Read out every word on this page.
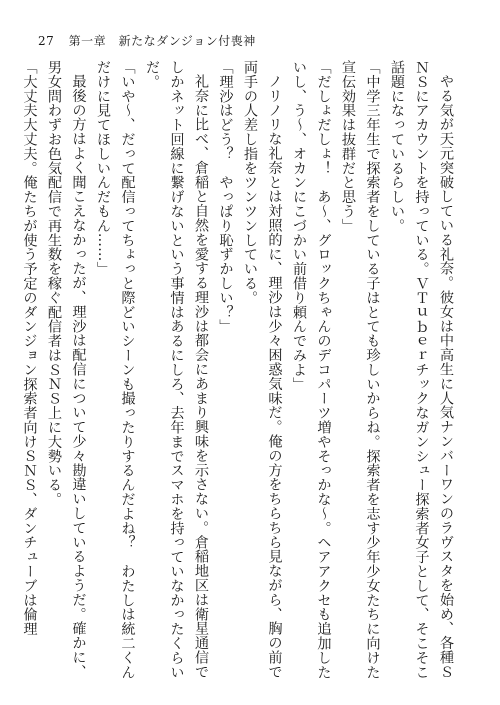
27 第一章　新たなダンジョン付喪神

やる気が天元突破している礼奈。彼女は中高生に人気ナンバーワンのラヴスタを始め、各種ＳＮＳにアカウントを持っている。ＶＴｕｂｅｒチックなガンシュー探索者女子として、そこそこ話題になっているらしい。

「中学三年生で探索者をしている子はとても珍しいからね。探索者を志す少年少女たちに向けた宣伝効果は抜群だと思う」

「だしょだしょ！　あ〜、グロックちゃんのデコパーツ増やそっかな〜。ヘアアクセも追加したいし、う〜、オカンにこづかい前借り頼んでみよ」

ノリノリな礼奈とは対照的に、理沙は少々困惑気味だ。俺の方をちらちら見ながら、胸の前で両手の人差し指をツンツンしている。

「理沙はどう？　やっぱり恥ずかしい？」

礼奈に比べ、倉稲と自然を愛する理沙は都会にあまり興味を示さない。倉稲地区は衛星通信でしかネット回線に繋げないという事情はあるにしろ、去年までスマホを持っていなかったくらいだ。

「いや〜、だって配信ってちょっと際どいシーンも撮ったりするんだよね？　わたしは統二くんだけに見てほしいんだもん……」

最後の方はよく聞こえなかったが、理沙は配信について少々勘違いしているようだ。確かに、男女問わずお色気配信で再生数を稼ぐ配信者はＳＮＳ上に大勢いる。

「大丈夫大丈夫。俺たちが使う予定のダンジョン探索者向けＳＮＳ、ダンチューブは倫理
